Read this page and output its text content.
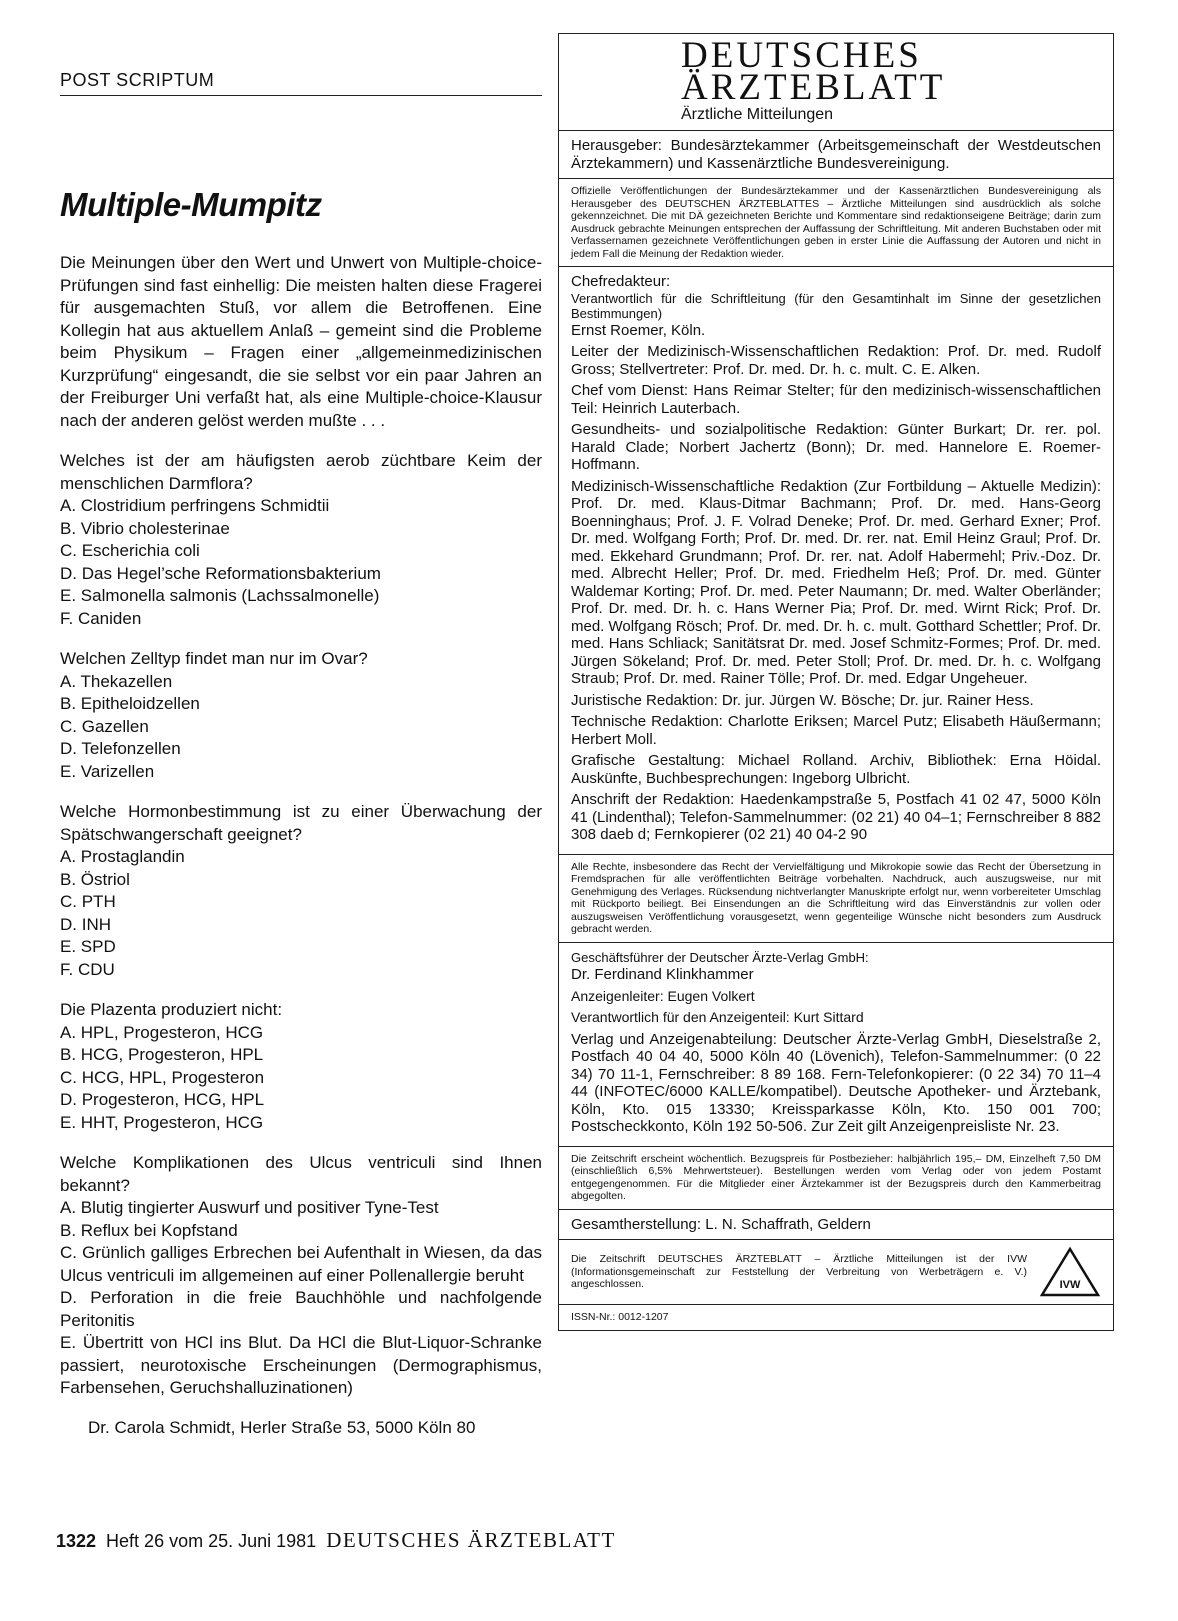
POST SCRIPTUM
Multiple-Mumpitz
Die Meinungen über den Wert und Unwert von Multiple-choice-Prüfungen sind fast einhellig: Die meisten halten diese Fragerei für ausgemachten Stuß, vor allem die Betroffenen. Eine Kollegin hat aus aktuellem Anlaß – gemeint sind die Probleme beim Physikum – Fragen einer „allgemeinmedizinischen Kurzprüfung“ eingesandt, die sie selbst vor ein paar Jahren an der Freiburger Uni verfaßt hat, als eine Multiple-choice-Klausur nach der anderen gelöst werden mußte . . .
Welches ist der am häufigsten aerob züchtbare Keim der menschlichen Darmflora?
A. Clostridium perfringens Schmidtii
B. Vibrio cholesterinae
C. Escherichia coli
D. Das Hegel’sche Reformationsbakterium
E. Salmonella salmonis (Lachssalmonelle)
F. Caniden
Welchen Zelltyp findet man nur im Ovar?
A. Thekazellen
B. Epitheloidzellen
C. Gazellen
D. Telefonzellen
E. Varizellen
Welche Hormonbestimmung ist zu einer Überwachung der Spätschwangerschaft geeignet?
A. Prostaglandin
B. Östriol
C. PTH
D. INH
E. SPD
F. CDU
Die Plazenta produziert nicht:
A. HPL, Progesteron, HCG
B. HCG, Progesteron, HPL
C. HCG, HPL, Progesteron
D. Progesteron, HCG, HPL
E. HHT, Progesteron, HCG
Welche Komplikationen des Ulcus ventriculi sind Ihnen bekannt?
A. Blutig tingierter Auswurf und positiver Tyne-Test
B. Reflux bei Kopfstand
C. Grünlich galliges Erbrechen bei Aufenthalt in Wiesen, da das Ulcus ventriculi im allgemeinen auf einer Pollenallergie beruht
D. Perforation in die freie Bauchhöhle und nachfolgende Peritonitis
E. Übertritt von HCl ins Blut. Da HCl die Blut-Liquor-Schranke passiert, neurotoxische Erscheinungen (Dermographismus, Farbensehen, Geruchshalluzinationen)
Dr. Carola Schmidt, Herler Straße 53, 5000 Köln 80
DEUTSCHES
ÄRZTEBLATT
Ärztliche Mitteilungen
Herausgeber: Bundesärztekammer (Arbeitsgemeinschaft der Westdeutschen Ärztekammern) und Kassenärztliche Bundesvereinigung.
Offizielle Veröffentlichungen der Bundesärztekammer und der Kassenärztlichen Bundesvereinigung als Herausgeber des DEUTSCHEN ÄRZTEBLATTES – Ärztliche Mitteilungen sind ausdrücklich als solche gekennzeichnet. Die mit DÄ gezeichneten Berichte und Kommentare sind redaktionseigene Beiträge; darin zum Ausdruck gebrachte Meinungen entsprechen der Auffassung der Schriftleitung. Mit anderen Buchstaben oder mit Verfassernamen gezeichnete Veröffentlichungen geben in erster Linie die Auffassung der Autoren und nicht in jedem Fall die Meinung der Redaktion wieder.
Chefredakteur:
Verantwortlich für die Schriftleitung (für den Gesamtinhalt im Sinne der gesetzlichen Bestimmungen)

Ernst Roemer, Köln.

Leiter der Medizinisch-Wissenschaftlichen Redaktion: Prof. Dr. med. Rudolf Gross; Stellvertreter: Prof. Dr. med. Dr. h. c. mult. C. E. Alken.

Chef vom Dienst: Hans Reimar Stelter; für den medizinisch-wissenschaftlichen Teil: Heinrich Lauterbach.

Gesundheits- und sozialpolitische Redaktion: Günter Burkart; Dr. rer. pol. Harald Clade; Norbert Jachertz (Bonn); Dr. med. Hannelore E. Roemer-Hoffmann.

Medizinisch-Wissenschaftliche Redaktion (Zur Fortbildung – Aktuelle Medizin): Prof. Dr. med. Klaus-Ditmar Bachmann; Prof. Dr. med. Hans-Georg Boenninghaus; Prof. J. F. Volrad Deneke; Prof. Dr. med. Gerhard Exner; Prof. Dr. med. Wolfgang Forth; Prof. Dr. med. Dr. rer. nat. Emil Heinz Graul; Prof. Dr. med. Ekkehard Grundmann; Prof. Dr. rer. nat. Adolf Habermehl; Priv.-Doz. Dr. med. Albrecht Heller; Prof. Dr. med. Friedhelm Heß; Prof. Dr. med. Günter Waldemar Korting; Prof. Dr. med. Peter Naumann; Dr. med. Walter Oberländer; Prof. Dr. med. Dr. h. c. Hans Werner Pia; Prof. Dr. med. Wirnt Rick; Prof. Dr. med. Wolfgang Rösch; Prof. Dr. med. Dr. h. c. mult. Gotthard Schettler; Prof. Dr. med. Hans Schliack; Sanitätsrat Dr. med. Josef Schmitz-Formes; Prof. Dr. med. Jürgen Sökeland; Prof. Dr. med. Peter Stoll; Prof. Dr. med. Dr. h. c. Wolfgang Straub; Prof. Dr. med. Rainer Tölle; Prof. Dr. med. Edgar Ungeheuer.

Juristische Redaktion: Dr. jur. Jürgen W. Bösche; Dr. jur. Rainer Hess.

Technische Redaktion: Charlotte Eriksen; Marcel Putz; Elisabeth Häußermann; Herbert Moll.

Grafische Gestaltung: Michael Rolland. Archiv, Bibliothek: Erna Höidal. Auskünfte, Buchbesprechungen: Ingeborg Ulbricht.

Anschrift der Redaktion: Haedenkampstraße 5, Postfach 41 02 47, 5000 Köln 41 (Lindenthal); Telefon-Sammelnummer: (02 21) 40 04–1; Fernschreiber 8 882 308 daeb d; Fernkopierer (02 21) 40 04-2 90

Alle Rechte, insbesondere das Recht der Vervielfältigung und Mikrokopie sowie das Recht der Übersetzung in Fremdsprachen für alle veröffentlichten Beiträge vorbehalten. Nachdruck, auch auszugsweise, nur mit Genehmigung des Verlages. Rücksendung nichtverlangter Manuskripte erfolgt nur, wenn vorbereiteter Umschlag mit Rückporto beiliegt. Bei Einsendungen an die Schriftleitung wird das Einverständnis zur vollen oder auszugsweisen Veröffentlichung vorausgesetzt, wenn gegenteilige Wünsche nicht besonders zum Ausdruck gebracht werden.

Geschäftsführer der Deutscher Ärzte-Verlag GmbH:

Dr. Ferdinand Klinkhammer

Anzeigenleiter: Eugen Volkert

Verantwortlich für den Anzeigenteil: Kurt Sittard

Verlag und Anzeigenabteilung: Deutscher Ärzte-Verlag GmbH, Dieselstraße 2, Postfach 40 04 40, 5000 Köln 40 (Lövenich), Telefon-Sammelnummer: (0 22 34) 70 11-1, Fernschreiber: 8 89 168. Fern-Telefonkopierer: (0 22 34) 70 11–4 44 (INFOTEC/6000 KALLE/kompatibel). Deutsche Apotheker- und Ärztebank, Köln, Kto. 015 13330; Kreissparkasse Köln, Kto. 150 001 700; Postscheckkonto, Köln 192 50-506. Zur Zeit gilt Anzeigenpreisliste Nr. 23.

Die Zeitschrift erscheint wöchentlich. Bezugspreis für Postbezieher: halbjährlich 195,– DM, Einzelheft 7,50 DM (einschließlich 6,5% Mehrwertsteuer). Bestellungen werden vom Verlag oder von jedem Postamt entgegengenommen. Für die Mitglieder einer Ärztekammer ist der Bezugspreis durch den Kammerbeitrag abgegolten.
Gesamtherstellung: L. N. Schaffrath, Geldern
Die Zeitschrift DEUTSCHES ÄRZTEBLATT – Ärztliche Mitteilungen ist der IVW (Informationsgemeinschaft zur Feststellung der Verbreitung von Werbeträgern e. V.) angeschlossen.	IVW
ISSN-Nr.: 0012-1207
1322 Heft 26 vom 25. Juni 1981 DEUTSCHES ÄRZTEBLATT
